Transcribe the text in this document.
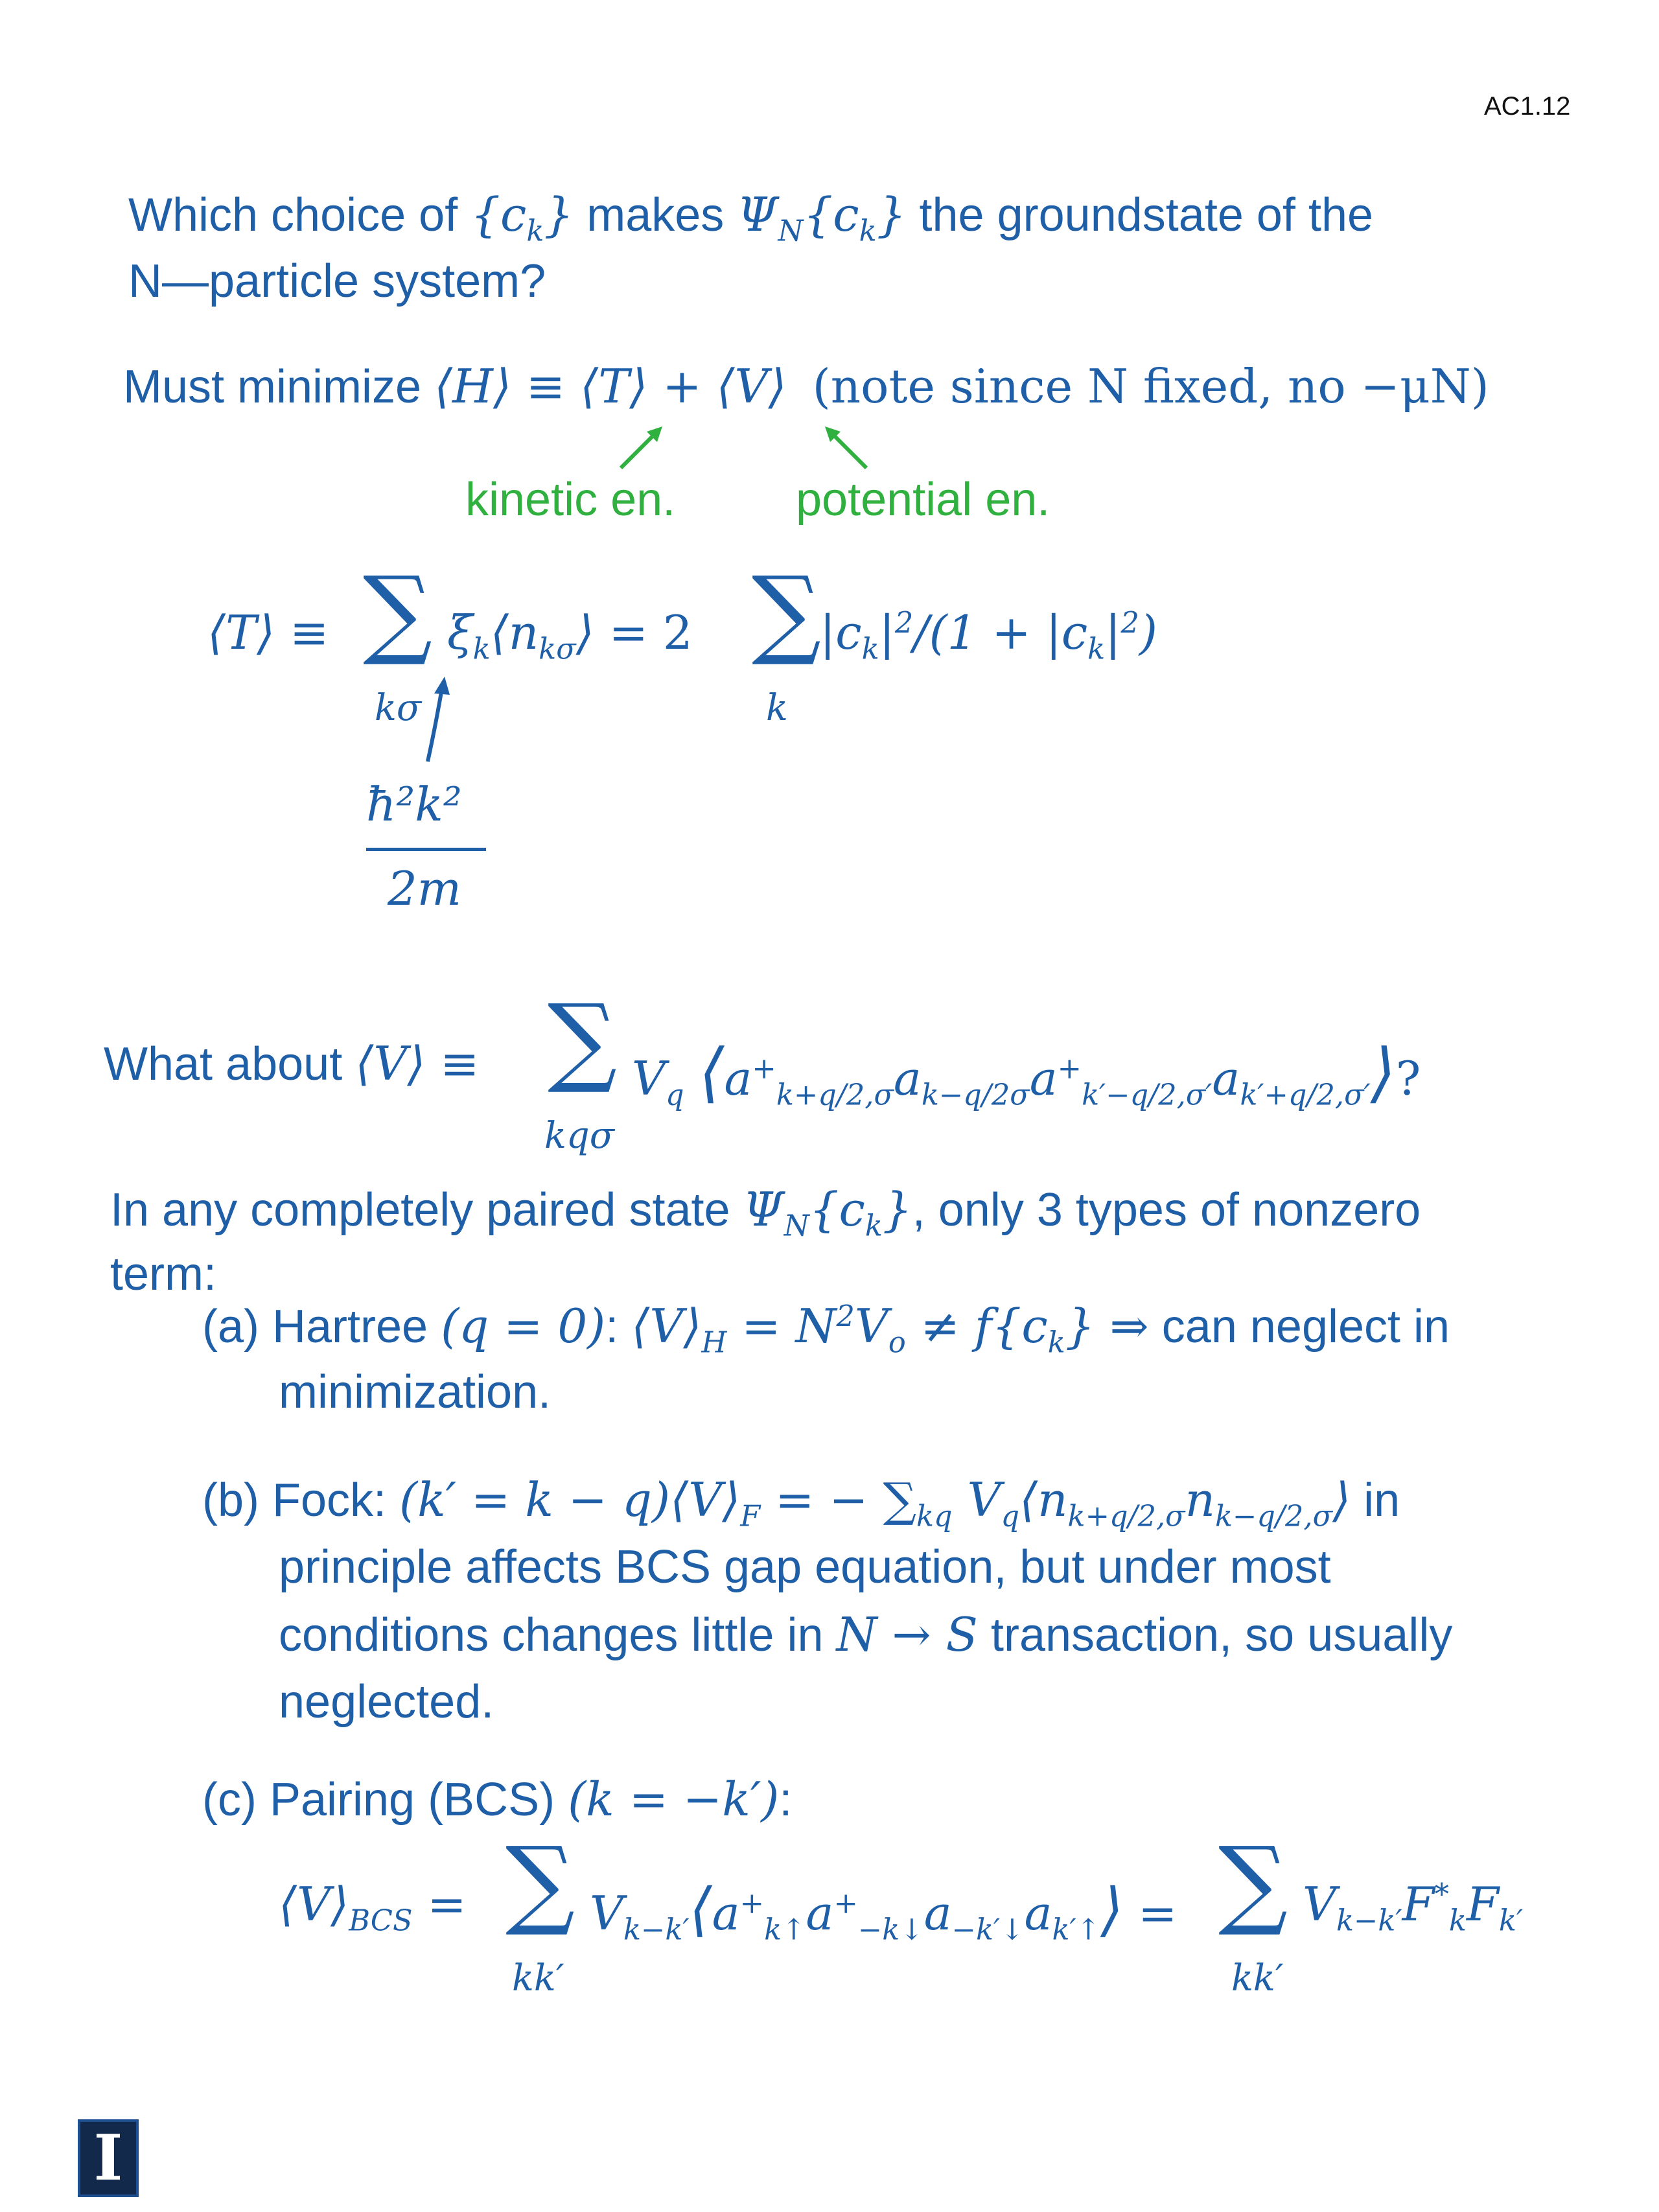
AC1.12
Which choice of $\{c_k\}$ makes $\Psi_N\{c_k\}$ the groundstate of the
N—particle system?
Must minimize ⟨H⟩ ≡ ⟨T⟩ + ⟨V⟩ (note since N fixed, no −μN)
kinetic en.	potential en.
⟨T⟩ ≡ ∑
kσ
$\xi_k⟨n_{k\sigma}⟩ = 2$ ∑
k
$|c_k|^2/(1 + |c_k|^2)$
ħ²k²
2m
What about ⟨V⟩ ≡ ∑
kqσ
$V_q$ $⟨a^+_{k+q/2,\sigma}a_{k-q/2\sigma}a^+_{k'-q/2,\sigma'}a_{k'+q/2,\sigma'}⟩$?
In any completely paired state $\Psi_N\{c_k\}$, only 3 types of nonzero
term:
(a) Hartree (q = 0): $⟨V⟩_H = N^2V_o \ne f\{c_k\}$ ⇒ can neglect in
minimization.
(b) Fock: $(k' = k - q)⟨V⟩_F$ = − $\sum_{kq}$ $V_q⟨n_{k+q/2,\sigma}n_{k-q/2,\sigma}⟩$ in
principle affects BCS gap equation, but under most
conditions changes little in N → S transaction, so usually
neglected.
(c) Pairing (BCS) (k = −k′):
$⟨V⟩_{BCS}$ = ∑
kk′
$V_{k-k'}⟨a^+_{k↑}a^+_{-k↓}a_{-k'↓}a_{k'↑}⟩$ = ∑
kk′
$V_{k-k'}F^*_kF_{k'}$
I
